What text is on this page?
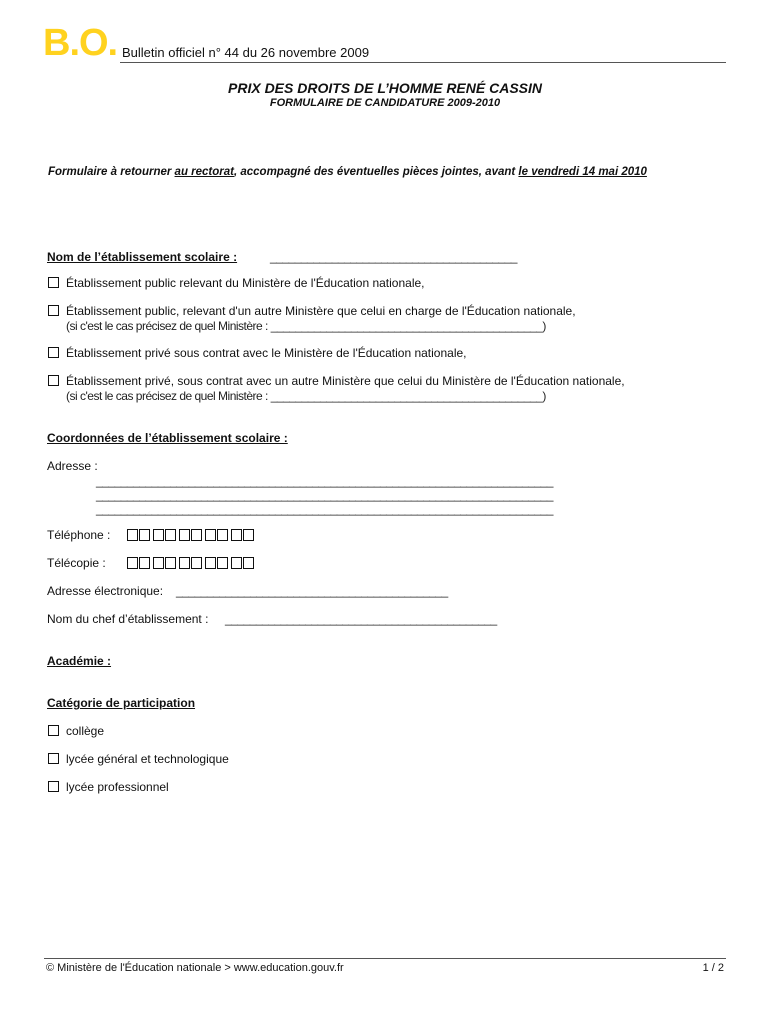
B.O. Bulletin officiel n° 44 du 26 novembre 2009
PRIX DES DROITS DE L’HOMME RENÉ CASSIN
FORMULAIRE DE CANDIDATURE 2009-2010
Formulaire à retourner au rectorat, accompagné des éventuelles pièces jointes, avant le vendredi 14 mai 2010
Nom de l’établissement scolaire :	________________________________________
Établissement public relevant du Ministère de l'Éducation nationale,
Établissement public, relevant d'un autre Ministère que celui en charge de l'Éducation nationale,
(si c'est le cas précisez de quel Ministère : ____________________________________________)
Établissement privé sous contrat avec le Ministère de l'Éducation nationale,
Établissement privé, sous contrat avec un autre Ministère que celui du Ministère de l'Éducation nationale,
(si c'est le cas précisez de quel Ministère : ____________________________________________)
Coordonnées de l’établissement scolaire :
Adresse :
__________________________________________________________________________
__________________________________________________________________________
__________________________________________________________________________
Téléphone :
Télécopie :
Adresse électronique: ____________________________________________
Nom du chef d’établissement : ____________________________________________
Académie :
Catégorie de participation
collège
lycée général et technologique
lycée professionnel
© Ministère de l'Éducation nationale > www.education.gouv.fr	1 / 2
